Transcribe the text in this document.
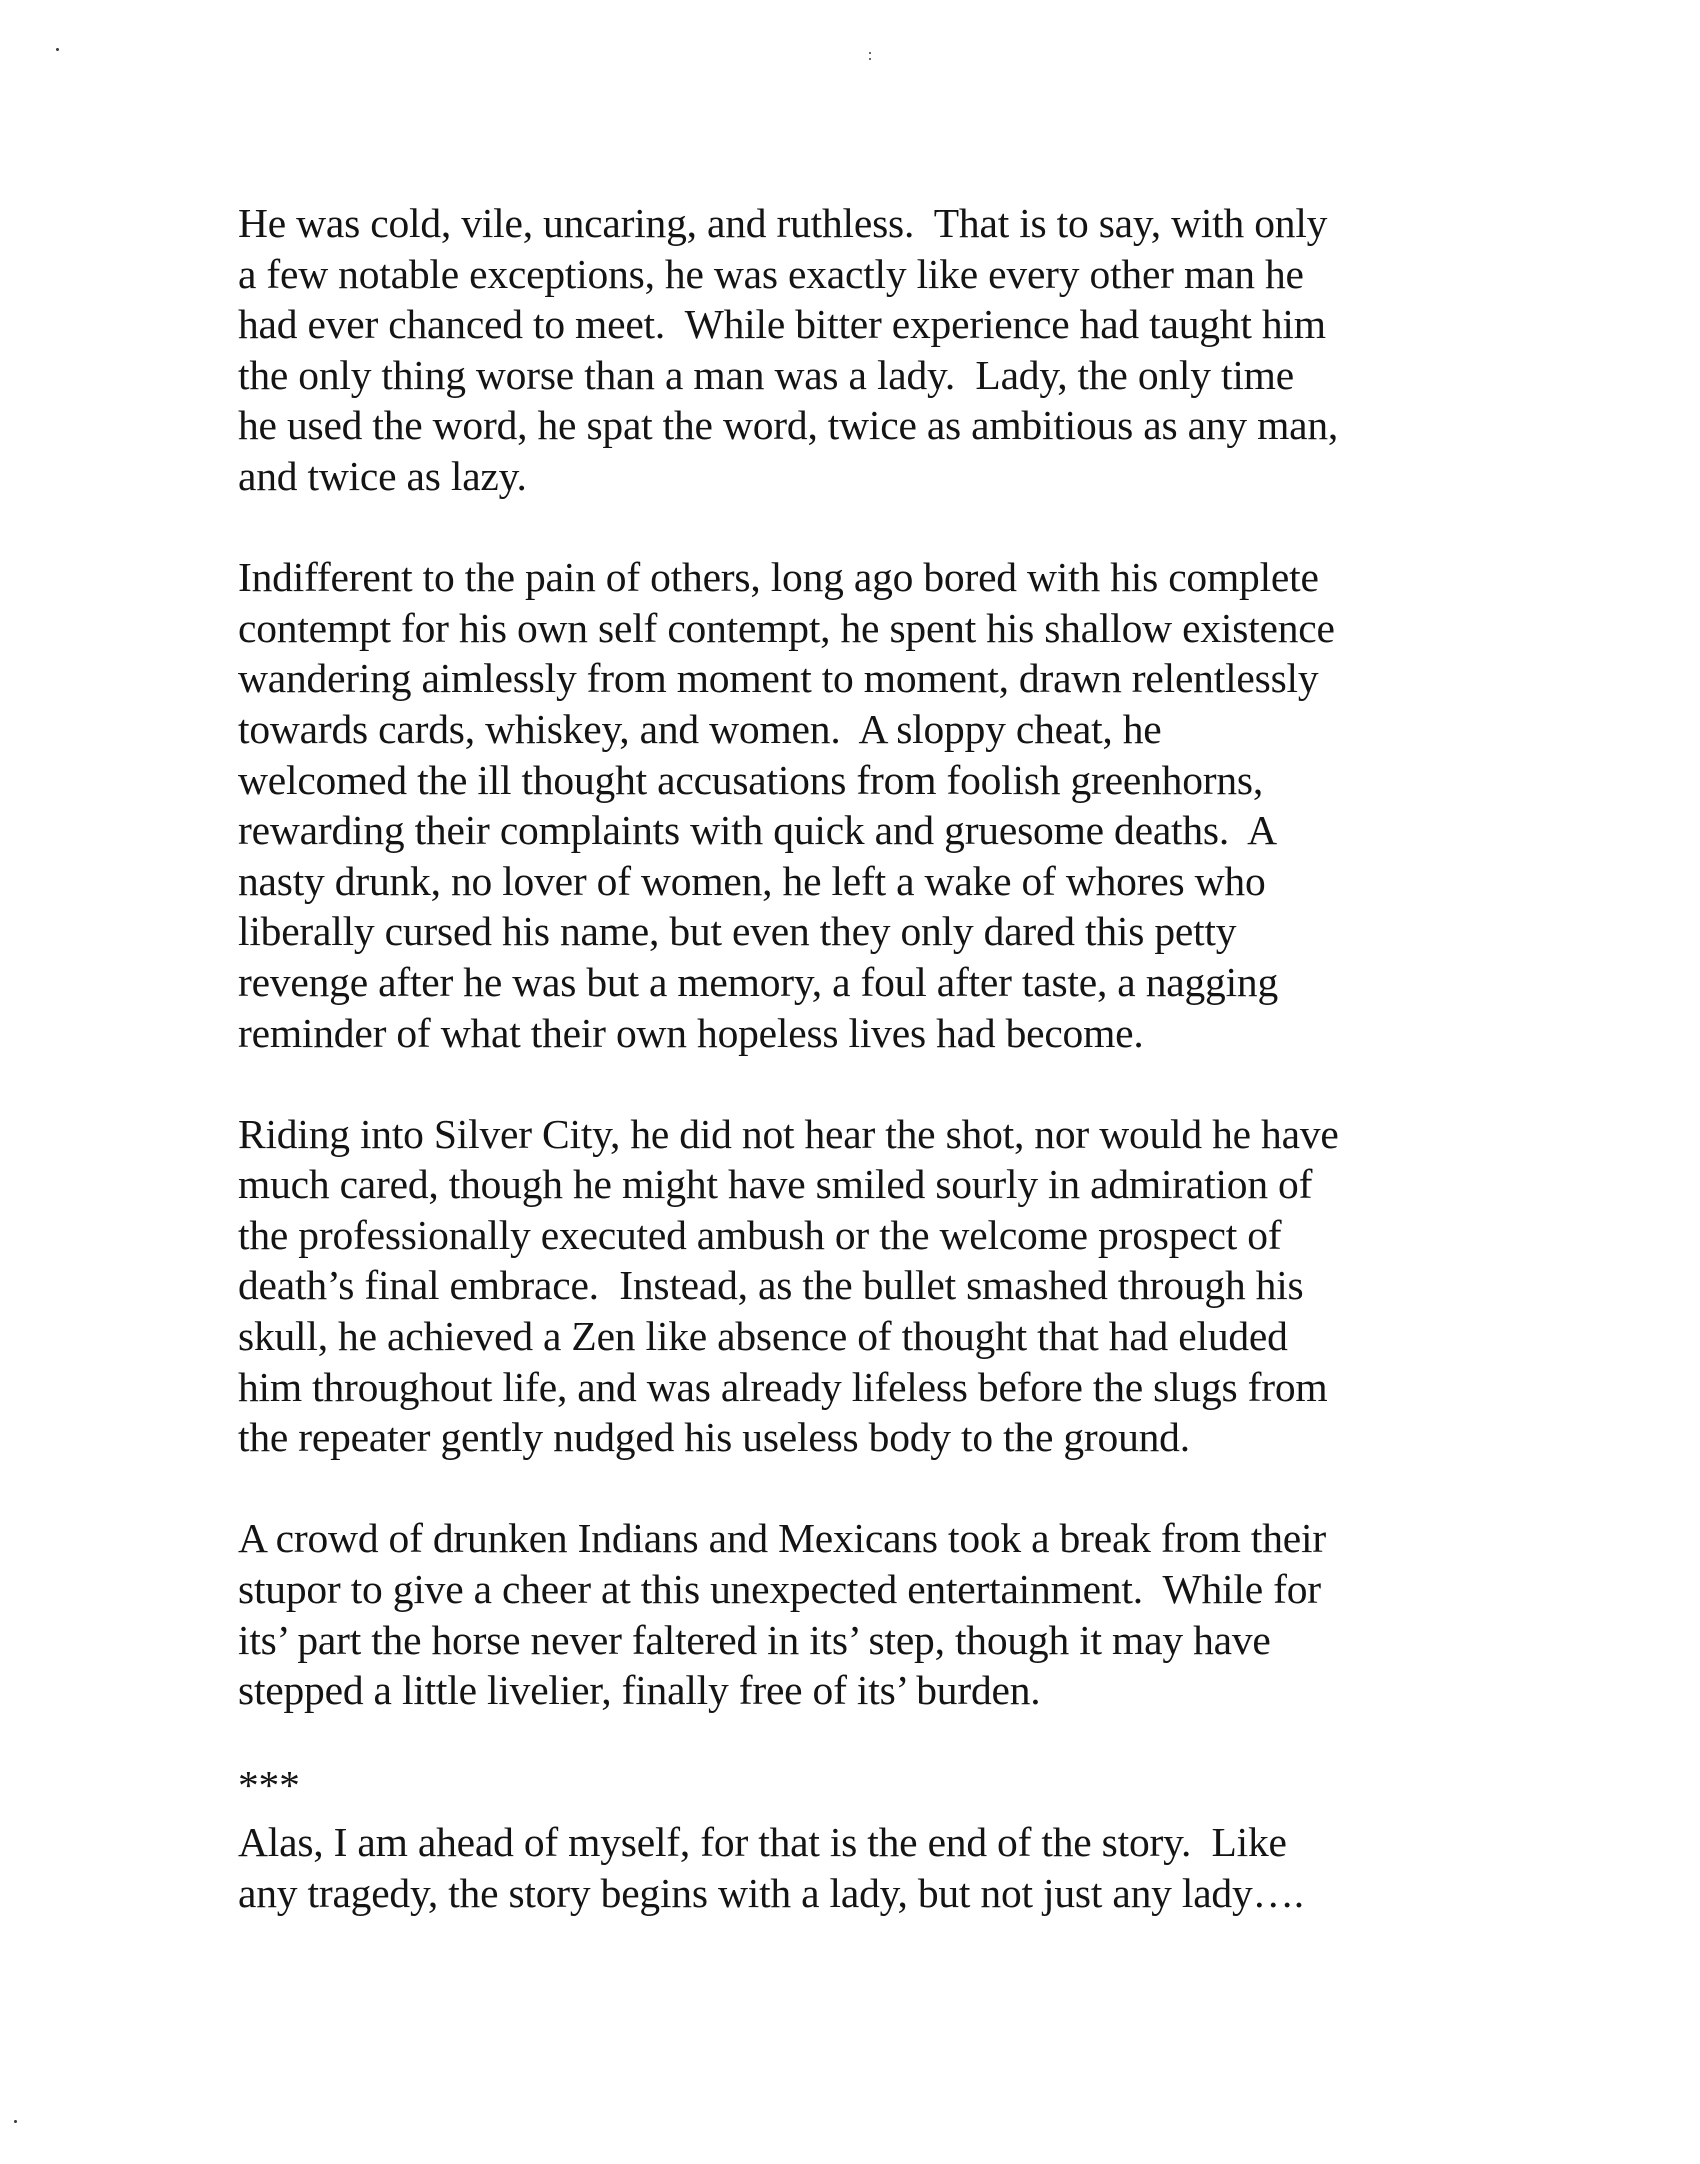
He was cold, vile, uncaring, and ruthless.  That is to say, with only
a few notable exceptions, he was exactly like every other man he
had ever chanced to meet.  While bitter experience had taught him
the only thing worse than a man was a lady.  Lady, the only time
he used the word, he spat the word, twice as ambitious as any man,
and twice as lazy.
Indifferent to the pain of others, long ago bored with his complete
contempt for his own self contempt, he spent his shallow existence
wandering aimlessly from moment to moment, drawn relentlessly
towards cards, whiskey, and women.  A sloppy cheat, he
welcomed the ill thought accusations from foolish greenhorns,
rewarding their complaints with quick and gruesome deaths.  A
nasty drunk, no lover of women, he left a wake of whores who
liberally cursed his name, but even they only dared this petty
revenge after he was but a memory, a foul after taste, a nagging
reminder of what their own hopeless lives had become.
Riding into Silver City, he did not hear the shot, nor would he have
much cared, though he might have smiled sourly in admiration of
the professionally executed ambush or the welcome prospect of
death’s final embrace.  Instead, as the bullet smashed through his
skull, he achieved a Zen like absence of thought that had eluded
him throughout life, and was already lifeless before the slugs from
the repeater gently nudged his useless body to the ground.
A crowd of drunken Indians and Mexicans took a break from their
stupor to give a cheer at this unexpected entertainment.  While for
its’ part the horse never faltered in its’ step, though it may have
stepped a little livelier, finally free of its’ burden.
***
Alas, I am ahead of myself, for that is the end of the story.  Like
any tragedy, the story begins with a lady, but not just any lady….
